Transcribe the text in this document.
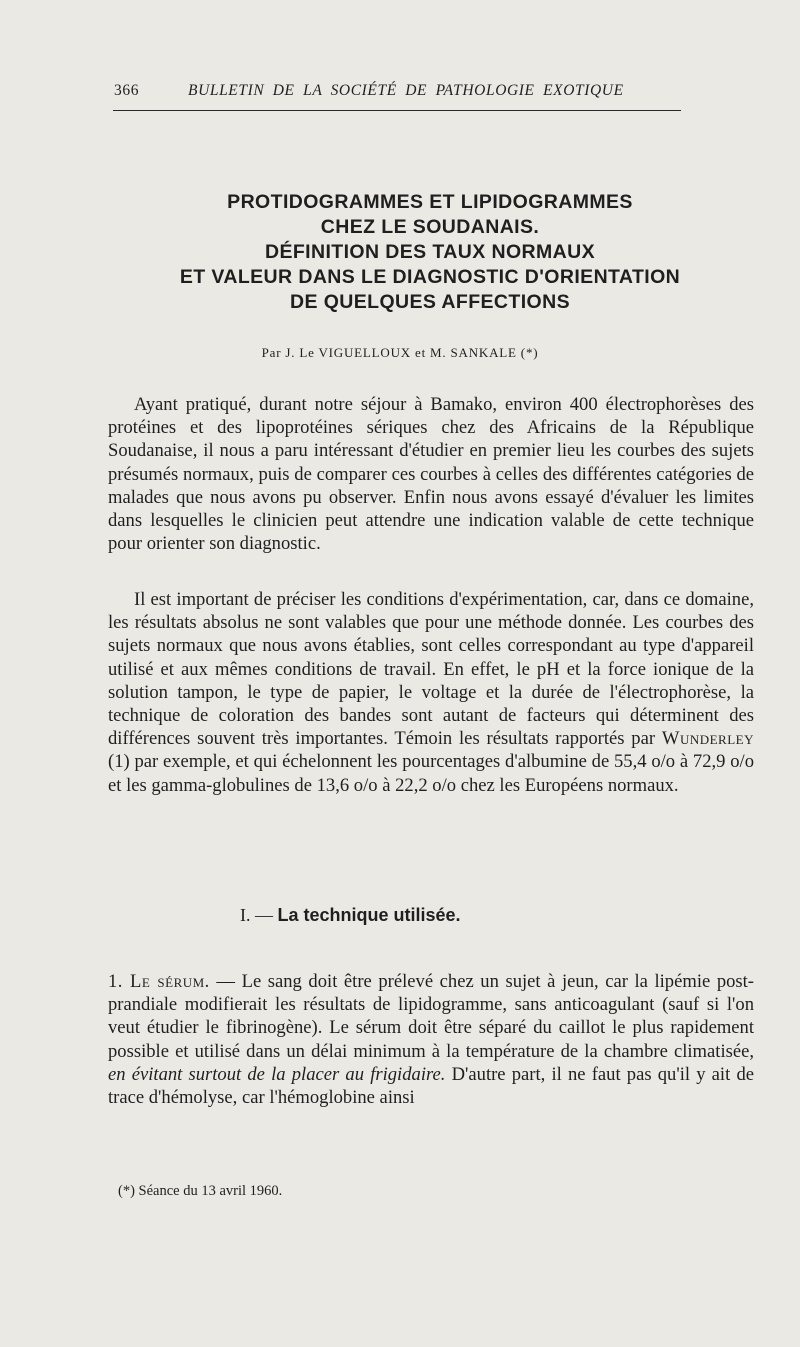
366	BULLETIN DE LA SOCIÉTÉ DE PATHOLOGIE EXOTIQUE
PROTIDOGRAMMES ET LIPIDOGRAMMES
CHEZ LE SOUDANAIS.
DÉFINITION DES TAUX NORMAUX
ET VALEUR DANS LE DIAGNOSTIC D'ORIENTATION
DE QUELQUES AFFECTIONS
Par J. Le VIGUELLOUX et M. SANKALE (*)
Ayant pratiqué, durant notre séjour à Bamako, environ 400 électrophorèses des protéines et des lipoprotéines sériques chez des Africains de la République Soudanaise, il nous a paru intéressant d'étudier en premier lieu les courbes des sujets présumés normaux, puis de comparer ces courbes à celles des différentes catégories de malades que nous avons pu observer. Enfin nous avons essayé d'évaluer les limites dans lesquelles le clinicien peut attendre une indication valable de cette technique pour orienter son diagnostic.
Il est important de préciser les conditions d'expérimentation, car, dans ce domaine, les résultats absolus ne sont valables que pour une méthode donnée. Les courbes des sujets normaux que nous avons établies, sont celles correspondant au type d'appareil utilisé et aux mêmes conditions de travail. En effet, le pH et la force ionique de la solution tampon, le type de papier, le voltage et la durée de l'électrophorèse, la technique de coloration des bandes sont autant de facteurs qui déterminent des différences souvent très importantes. Témoin les résultats rapportés par Wunderley (1) par exemple, et qui échelonnent les pourcentages d'albumine de 55,4 o/o à 72,9 o/o et les gamma-globulines de 13,6 o/o à 22,2 o/o chez les Européens normaux.
I. — La technique utilisée.
1. Le sérum. — Le sang doit être prélevé chez un sujet à jeun, car la lipémie post-prandiale modifierait les résultats de lipidogramme, sans anticoagulant (sauf si l'on veut étudier le fibrinogène). Le sérum doit être séparé du caillot le plus rapidement possible et utilisé dans un délai minimum à la température de la chambre climatisée, en évitant surtout de la placer au frigidaire. D'autre part, il ne faut pas qu'il y ait de trace d'hémolyse, car l'hémoglobine ainsi
(*) Séance du 13 avril 1960.
